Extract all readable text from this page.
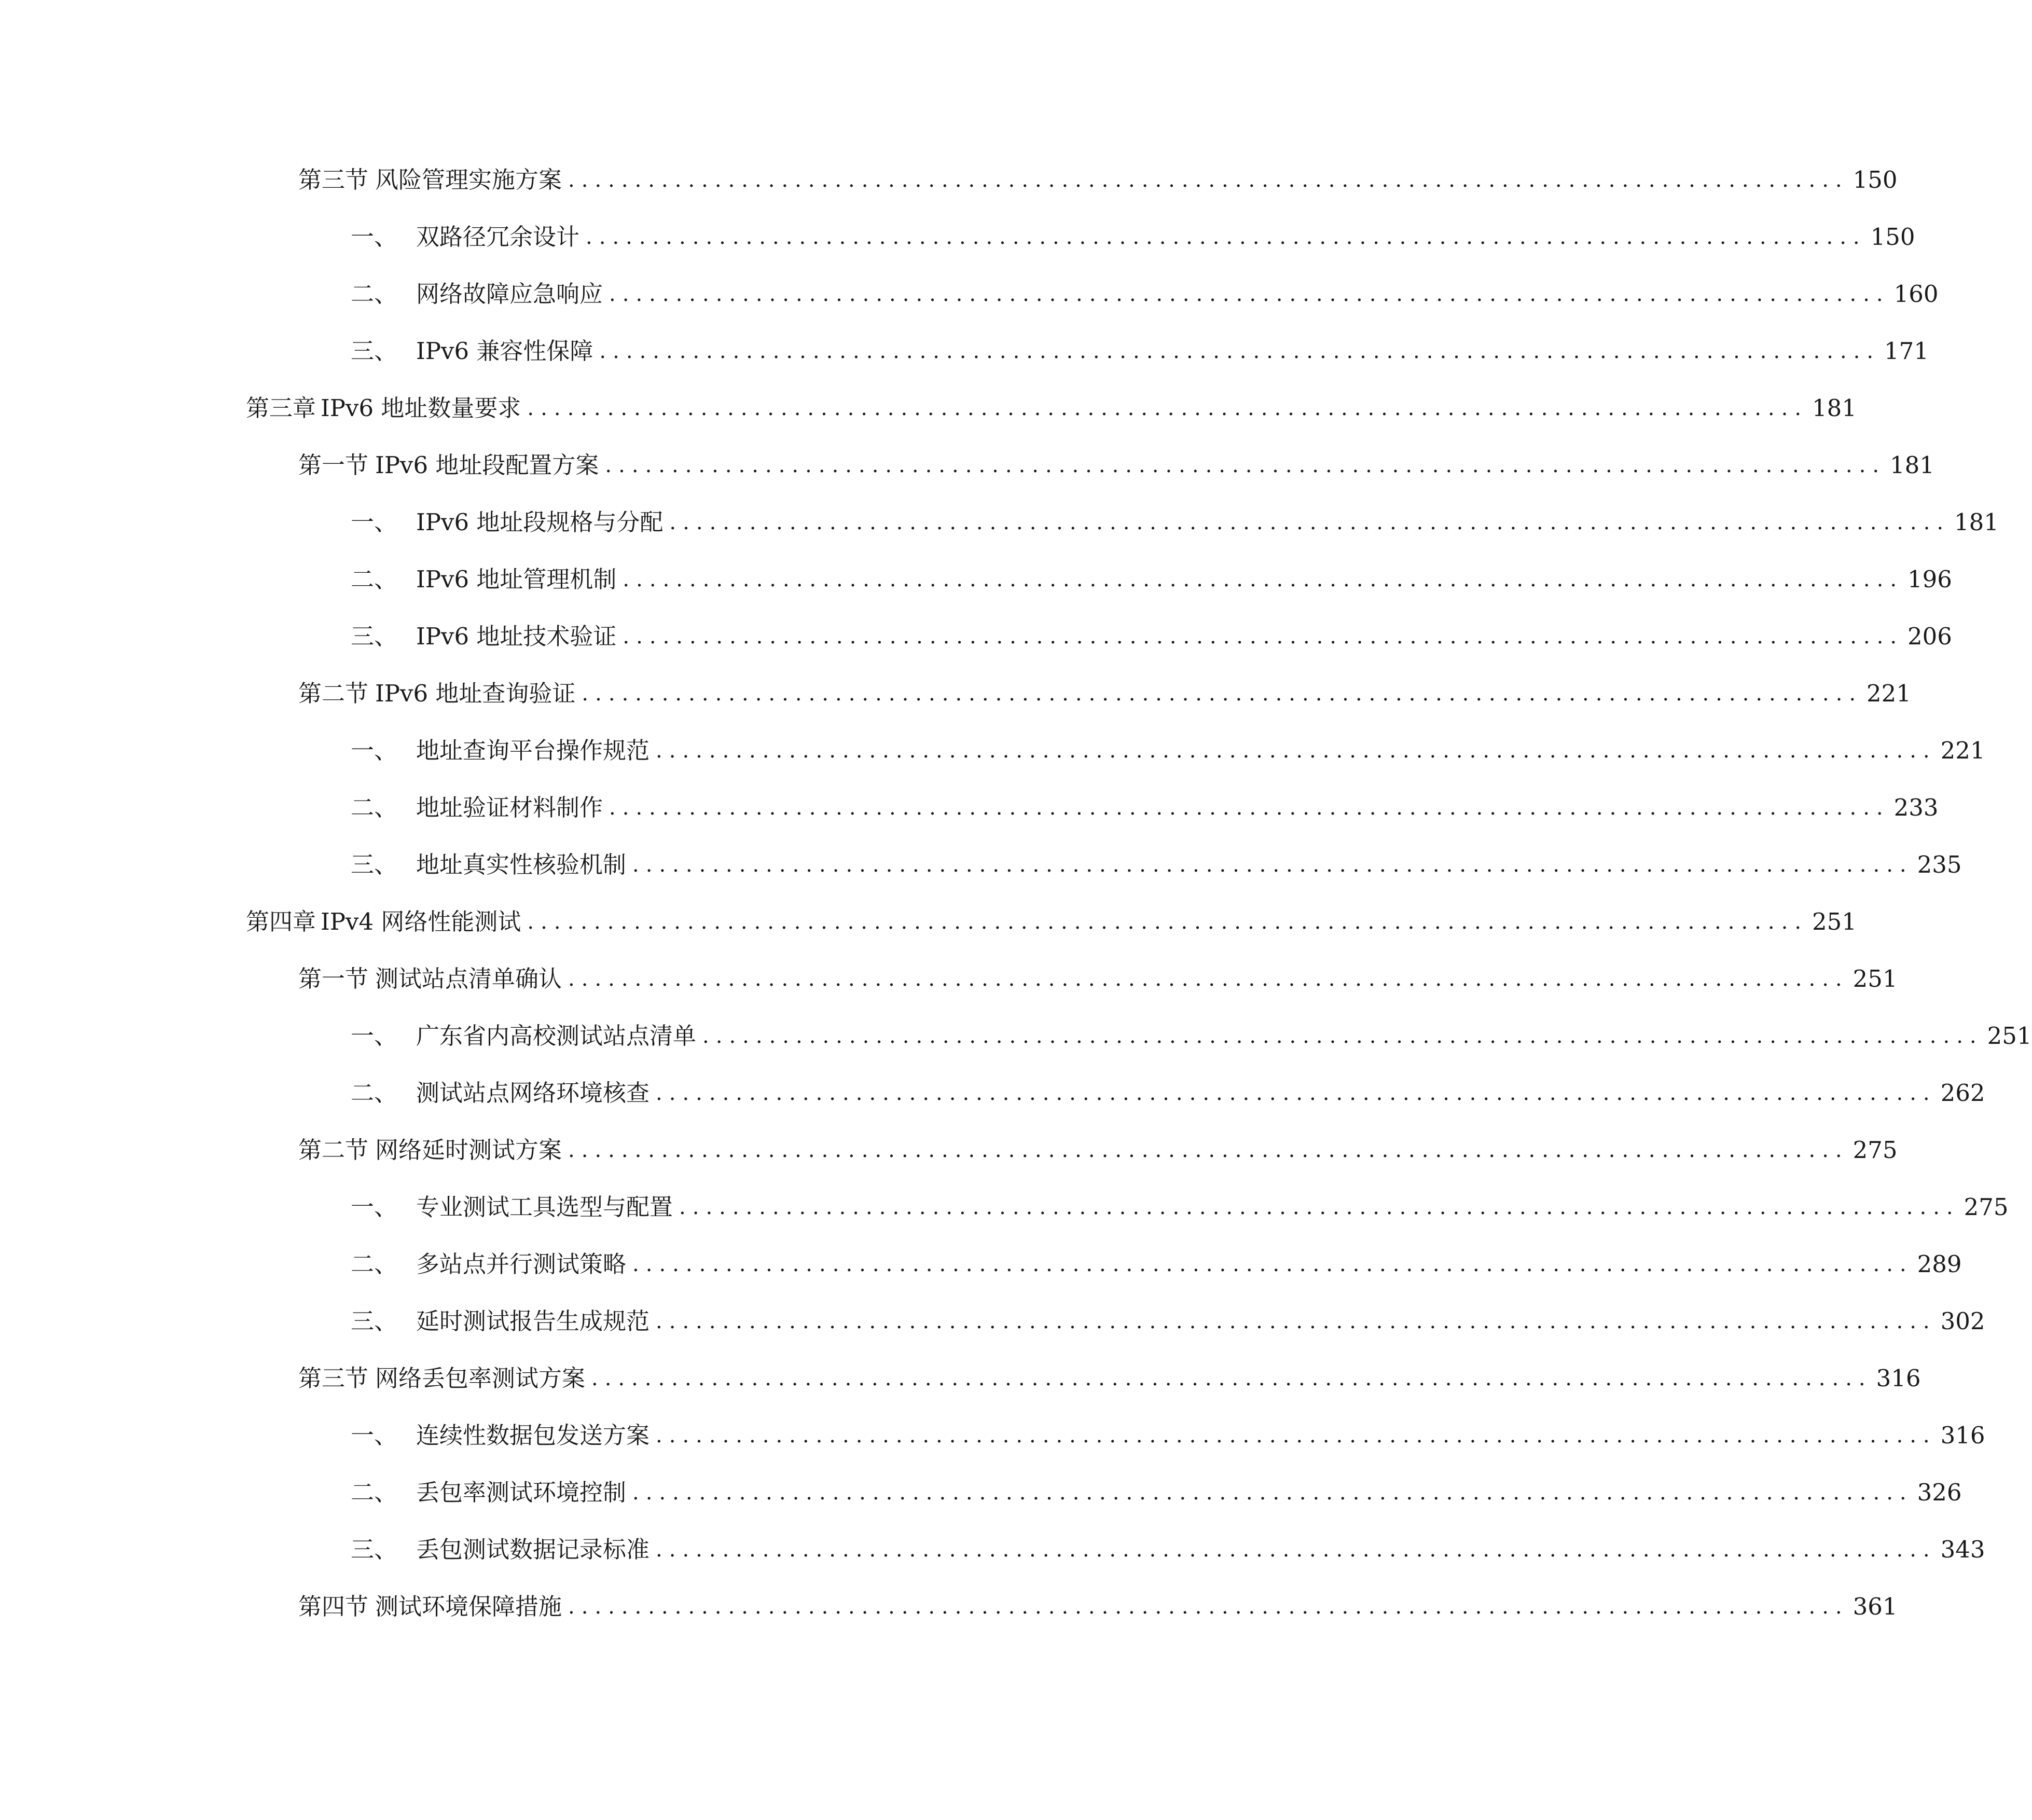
第三节 风险管理实施方案 ................................................................................................ 150
一、 双路径冗余设计 ................................................................................................ 150
二、 网络故障应急响应 ................................................................................................ 160
三、 IPv6 兼容性保障 ................................................................................................ 171
第三章 IPv6 地址数量要求 ................................................................................................ 181
第一节 IPv6 地址段配置方案 ................................................................................................ 181
一、 IPv6 地址段规格与分配 ................................................................................................ 181
二、 IPv6 地址管理机制 ................................................................................................ 196
三、 IPv6 地址技术验证 ................................................................................................ 206
第二节 IPv6 地址查询验证 ................................................................................................ 221
一、 地址查询平台操作规范 ................................................................................................ 221
二、 地址验证材料制作 ................................................................................................ 233
三、 地址真实性核验机制 ................................................................................................ 235
第四章 IPv4 网络性能测试 ................................................................................................ 251
第一节 测试站点清单确认 ................................................................................................ 251
一、 广东省内高校测试站点清单 ................................................................................................ 251
二、 测试站点网络环境核查 ................................................................................................ 262
第二节 网络延时测试方案 ................................................................................................ 275
一、 专业测试工具选型与配置 ................................................................................................ 275
二、 多站点并行测试策略 ................................................................................................ 289
三、 延时测试报告生成规范 ................................................................................................ 302
第三节 网络丢包率测试方案 ................................................................................................ 316
一、 连续性数据包发送方案 ................................................................................................ 316
二、 丢包率测试环境控制 ................................................................................................ 326
三、 丢包测试数据记录标准 ................................................................................................ 343
第四节 测试环境保障措施 ................................................................................................ 361
